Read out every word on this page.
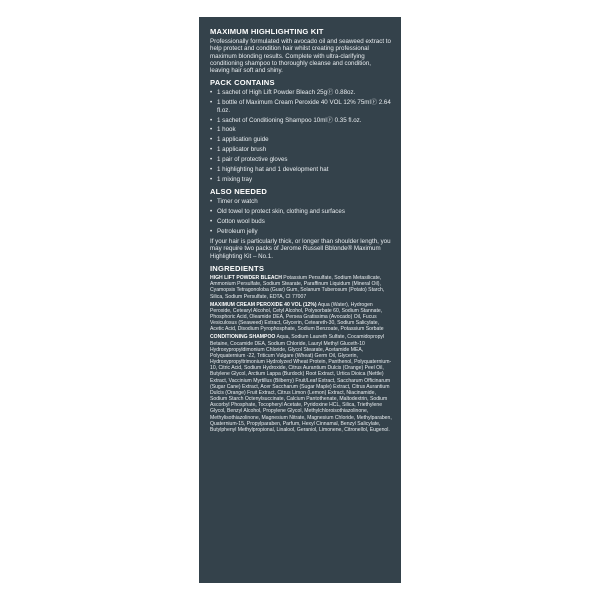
MAXIMUM HIGHLIGHTING KIT

Professionally formulated with avocado oil and seaweed extract to help protect and condition hair whilst creating professional maximum blonding results. Complete with ultra-clarifying conditioning shampoo to thoroughly cleanse and condition, leaving hair soft and shiny.

PACK CONTAINS
• 1 sachet of High Lift Powder Bleach 25gⒻ 0.88oz.
• 1 bottle of Maximum Cream Peroxide 40 VOL 12% 75mlⒻ 2.64 fl.oz.
• 1 sachet of Conditioning Shampoo 10mlⒻ 0.35 fl.oz.
• 1 hook
• 1 application guide
• 1 applicator brush
• 1 pair of protective gloves
• 1 highlighting hat and 1 development hat
• 1 mixing tray
ALSO NEEDED
• Timer or watch
• Old towel to protect skin, clothing and surfaces
• Cotton wool buds
• Petroleum jelly

If your hair is particularly thick, or longer than shoulder length, you may require two packs of Jerome Russell Bblonde® Maximum Highlighting Kit – No.1.

INGREDIENTS

HIGH LIFT POWDER BLEACH Potassium Persulfate, Sodium Metasilicate, Ammonium Persulfate, Sodium Stearate, Paraffinum Liquidum (Mineral Oil), Cyamopsis Tetragonoloba (Guar) Gum, Solanum Tuberosum (Potato) Starch, Silica, Sodium Persulfate, EDTA, CI 77007

MAXIMUM CREAM PEROXIDE 40 VOL (12%) Aqua (Water), Hydrogen Peroxide, Cetearyl Alcohol, Cetyl Alcohol, Polysorbate 60, Sodium Stannate, Phosphoric Acid, Oleamide DEA, Persea Gratissima (Avocado) Oil, Fucus Vesiculosus (Seaweed) Extract, Glycerin, Ceteareth-30, Sodium Salicylate, Acetic Acid, Disodium Pyrophosphate, Sodium Benzoate, Potassium Sorbate

CONDITIONING SHAMPOO Aqua, Sodium Laureth Sulfate, Cocamidopropyl Betaine, Cocamide DEA, Sodium Chloride, Lauryl Methyl Gluceth-10 Hydroxypropyldimonium Chloride, Glycol Stearate, Acetamide MEA, Polyquaternium -22, Triticum Vulgare (Wheat) Germ Oil, Glycerin, Hydroxypropyltrimonium Hydrolyzed Wheat Protein, Panthenol, Polyquaternium-10, Citric Acid, Sodium Hydroxide, Citrus Aurantium Dulcis (Orange) Peel Oil, Butylene Glycol, Arctium Lappa (Burdock) Root Extract, Urtica Dioica (Nettle) Extract, Vaccinium Myrtillus (Bilberry) Fruit/Leaf Extract, Saccharum Officinarum (Sugar Cane) Extract, Acer Saccharum (Sugar Maple) Extract, Citrus Aurantium Dulcis (Orange) Fruit Extract, Citrus Limon (Lemon) Extract, Niacinamide, Sodium Starch Octenylsuccinate, Calcium Pantothenate, Maltodextrin, Sodium Ascorbyl Phosphate, Tocopheryl Acetate, Pyridoxine HCL, Silica, Triethylene Glycol, Benzyl Alcohol, Propylene Glycol, Methylchloroisothiazolinone, Methylisothiazolinone, Magnesium Nitrate, Magnesium Chloride, Methylparaben, Quaternium-15, Propylparaben, Parfum, Hexyl Cinnamal, Benzyl Salicylate, Butylphenyl Methylpropional, Linalool, Geraniol, Limonene, Citronellol, Eugenol.
